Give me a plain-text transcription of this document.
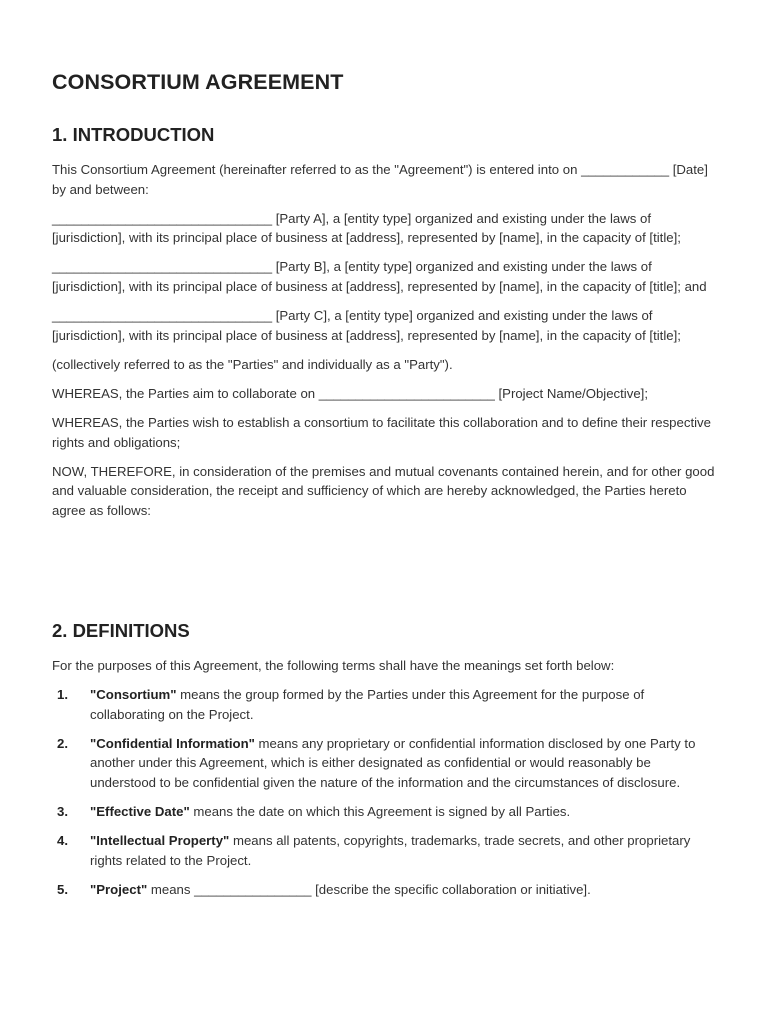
CONSORTIUM AGREEMENT
1. INTRODUCTION

This Consortium Agreement (hereinafter referred to as the "Agreement") is entered into on ____________ [Date] by and between:

______________________________ [Party A], a [entity type] organized and existing under the laws of [jurisdiction], with its principal place of business at [address], represented by [name], in the capacity of [title];

______________________________ [Party B], a [entity type] organized and existing under the laws of [jurisdiction], with its principal place of business at [address], represented by [name], in the capacity of [title]; and

______________________________ [Party C], a [entity type] organized and existing under the laws of [jurisdiction], with its principal place of business at [address], represented by [name], in the capacity of [title];

(collectively referred to as the "Parties" and individually as a "Party").

WHEREAS, the Parties aim to collaborate on ________________________ [Project Name/Objective];

WHEREAS, the Parties wish to establish a consortium to facilitate this collaboration and to define their respective rights and obligations;

NOW, THEREFORE, in consideration of the premises and mutual covenants contained herein, and for other good and valuable consideration, the receipt and sufficiency of which are hereby acknowledged, the Parties hereto agree as follows:

2. DEFINITIONS

For the purposes of this Agreement, the following terms shall have the meanings set forth below:

1. "Consortium" means the group formed by the Parties under this Agreement for the purpose of collaborating on the Project.
2. "Confidential Information" means any proprietary or confidential information disclosed by one Party to another under this Agreement, which is either designated as confidential or would reasonably be understood to be confidential given the nature of the information and the circumstances of disclosure.
3. "Effective Date" means the date on which this Agreement is signed by all Parties.
4. "Intellectual Property" means all patents, copyrights, trademarks, trade secrets, and other proprietary rights related to the Project.
5. "Project" means ________________ [describe the specific collaboration or initiative].
